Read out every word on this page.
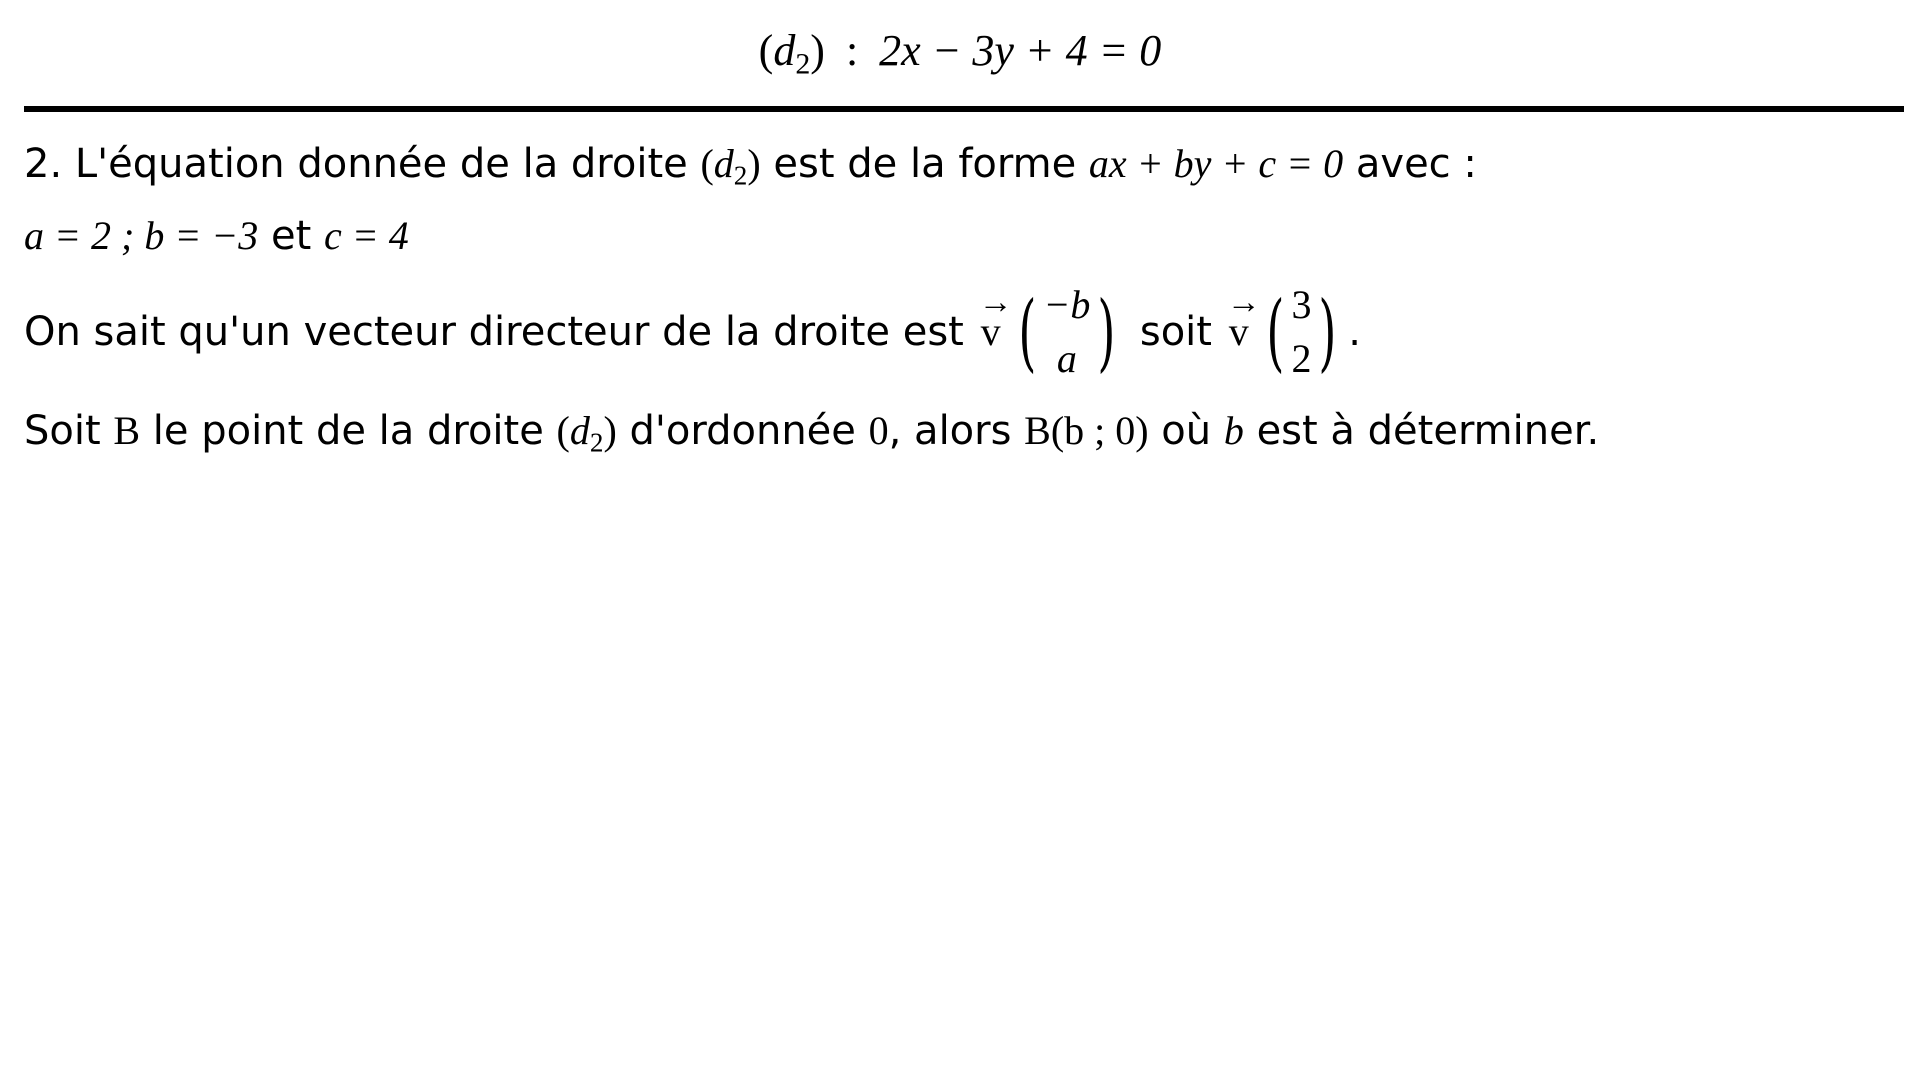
$(d_2)$ : 2x − 3y + 4 = 0
2. L'équation donnée de la droite $(d_2)$ est de la forme ax + by + c = 0 avec :
a = 2 ; b = −3 et c = 4
On sait qu'un vecteur directeur de la droite est
→
v ( −b
a ) soit
→
v ( 3
2 ) .
Soit B le point de la droite $(d_2)$ d'ordonnée 0, alors B(b ; 0) où b est à déterminer.
